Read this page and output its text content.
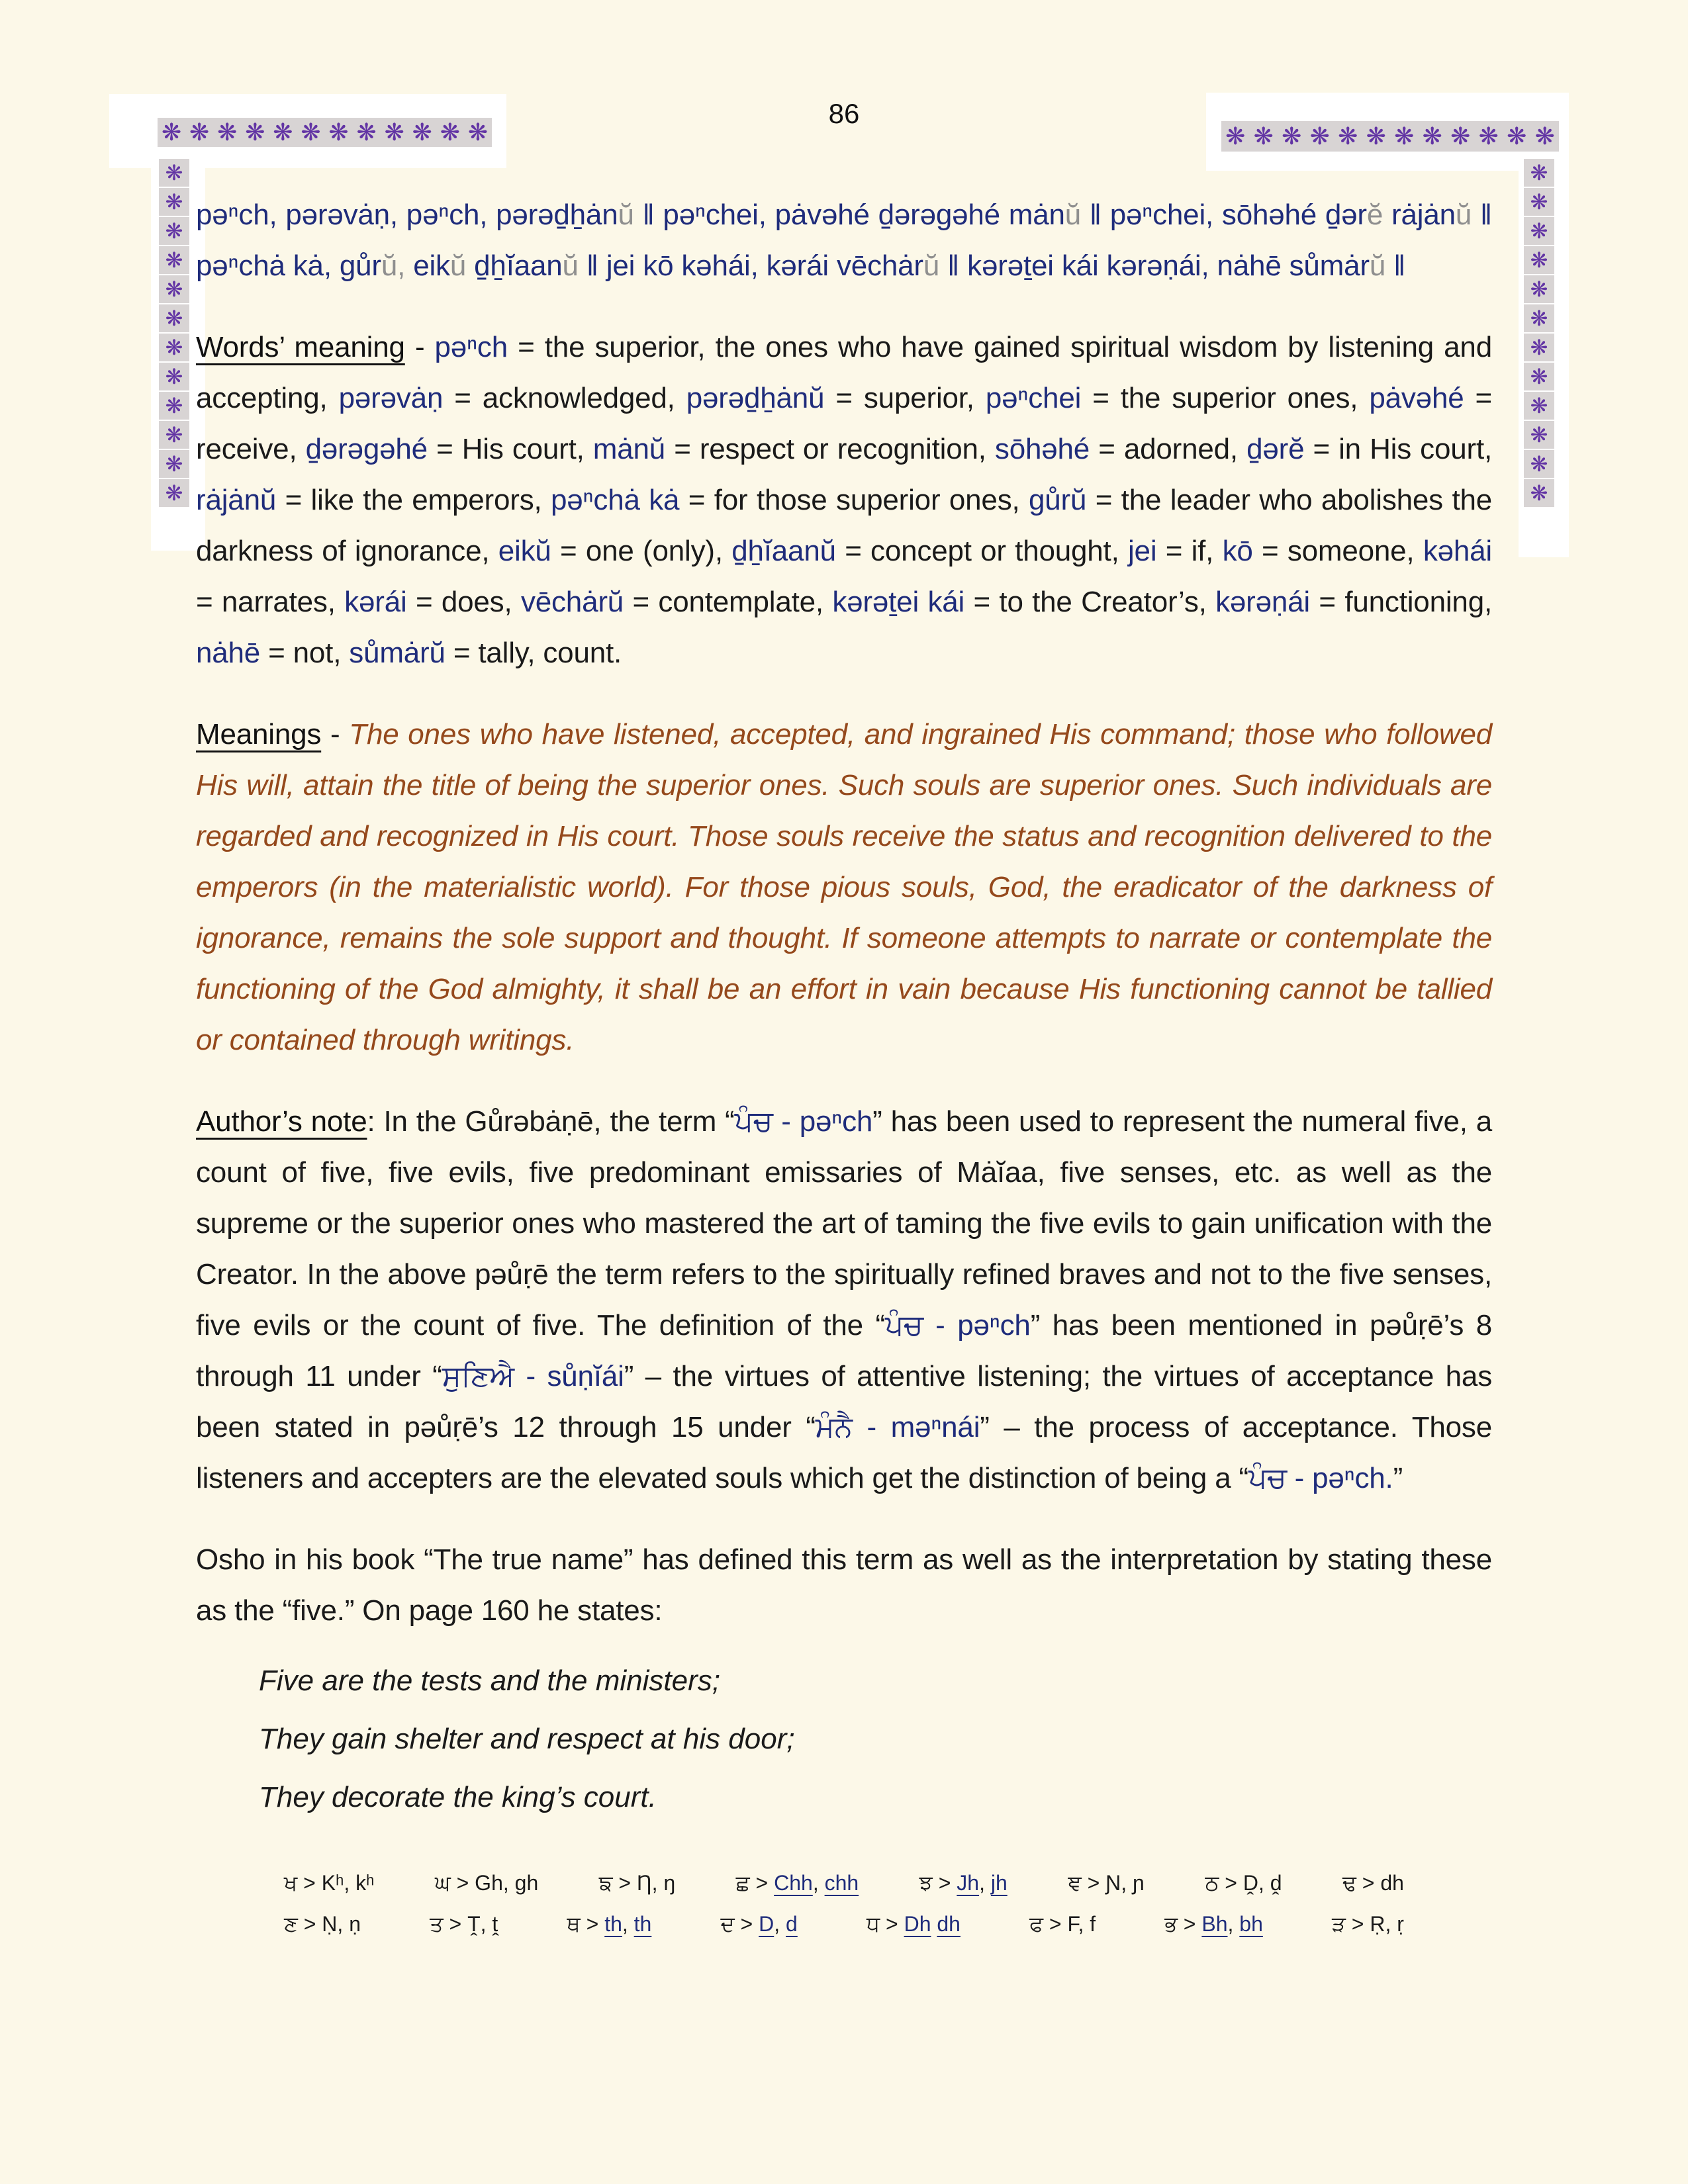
86
❋ ❋ ❋ ❋ ❋ ❋ ❋ ❋ ❋ ❋ ❋ ❋	❋ ❋ ❋ ❋ ❋ ❋ ❋ ❋ ❋ ❋ ❋ ❋
❋
❋
❋
❋
❋
❋
❋
❋
❋
❋
❋
❋
❋
❋
❋
❋
❋
❋
❋
❋
❋
❋
❋
❋

pəⁿch, pərəvȧṇ, pəⁿch, pərəd̠ẖȧnŭ ‖ pəⁿchei, pȧvəhé d̠ərəgəhé mȧnŭ ‖ pəⁿchei, sōhəhé d̠ərĕ rȧjȧnŭ ‖ pəⁿchȧ kȧ, gůrŭ, eikŭ d̠ẖĭaanŭ ‖ jei kō kəhái, kərái vēchȧrŭ ‖ kərəṯei kái kərəṇái, nȧhē sůmȧrŭ ‖

Words’ meaning - pəⁿch = the superior, the ones who have gained spiritual wisdom by listening and accepting, pərəvȧṇ = acknowledged, pərəd̠ẖȧnŭ = superior, pəⁿchei = the superior ones, pȧvəhé = receive, d̠ərəgəhé = His court, mȧnŭ = respect or recognition, sōhəhé = adorned, d̠ərĕ = in His court, rȧjȧnŭ = like the emperors, pəⁿchȧ kȧ = for those superior ones, gůrŭ = the leader who abolishes the darkness of ignorance, eikŭ = one (only), d̠ẖĭaanŭ = concept or thought, jei = if, kō = someone, kəhái = narrates, kərái = does, vēchȧrŭ = contemplate, kərəṯei kái = to the Creator’s, kərəṇái = functioning, nȧhē = not, sůmȧrŭ = tally, count.

Meanings - The ones who have listened, accepted, and ingrained His command; those who followed His will, attain the title of being the superior ones. Such souls are superior ones. Such individuals are regarded and recognized in His court. Those souls receive the status and recognition delivered to the emperors (in the materialistic world). For those pious souls, God, the eradicator of the darkness of ignorance, remains the sole support and thought. If someone attempts to narrate or contemplate the functioning of the God almighty, it shall be an effort in vain because His functioning cannot be tallied or contained through writings.

Author’s note: In the Gůrəbȧṇē, the term “ਪੰਚ - pəⁿch” has been used to represent the numeral five, a count of five, five evils, five predominant emissaries of Mȧĭaa, five senses, etc. as well as the supreme or the superior ones who mastered the art of taming the five evils to gain unification with the Creator. In the above pəůṛē the term refers to the spiritually refined braves and not to the five senses, five evils or the count of five. The definition of the “ਪੰਚ - pəⁿch” has been mentioned in pəůṛē’s 8 through 11 under “ਸੁਣਿਐ - sůṇĭái” – the virtues of attentive listening; the virtues of acceptance has been stated in pəůṛē’s 12 through 15 under “ਮੰਨੈ - məⁿnái” – the process of acceptance. Those listeners and accepters are the elevated souls which get the distinction of being a “ਪੰਚ - pəⁿch.”

Osho in his book “The true name” has defined this term as well as the interpretation by stating these as the “five.” On page 160 he states:

Five are the tests and the ministers;
They gain shelter and respect at his door;
They decorate the king’s court.
ਖ > Kʰ, kʰ	ਘ > Gh, gh	ਙ > Ƞ, ŋ	ਛ > Chh, chh	ਝ > Jh, jh	ਞ > Ɲ, ɲ	ਠ > Ḓ, ḓ	ਢ > dh
ਣ > Ṇ, ṇ	ਤ > Ṱ, ṱ	ਥ > th, th	ਦ > D, d	ਧ > Dh dh	ਫ > F, f	ਭ > Bh, bh	ੜ > Ṛ, ṛ
